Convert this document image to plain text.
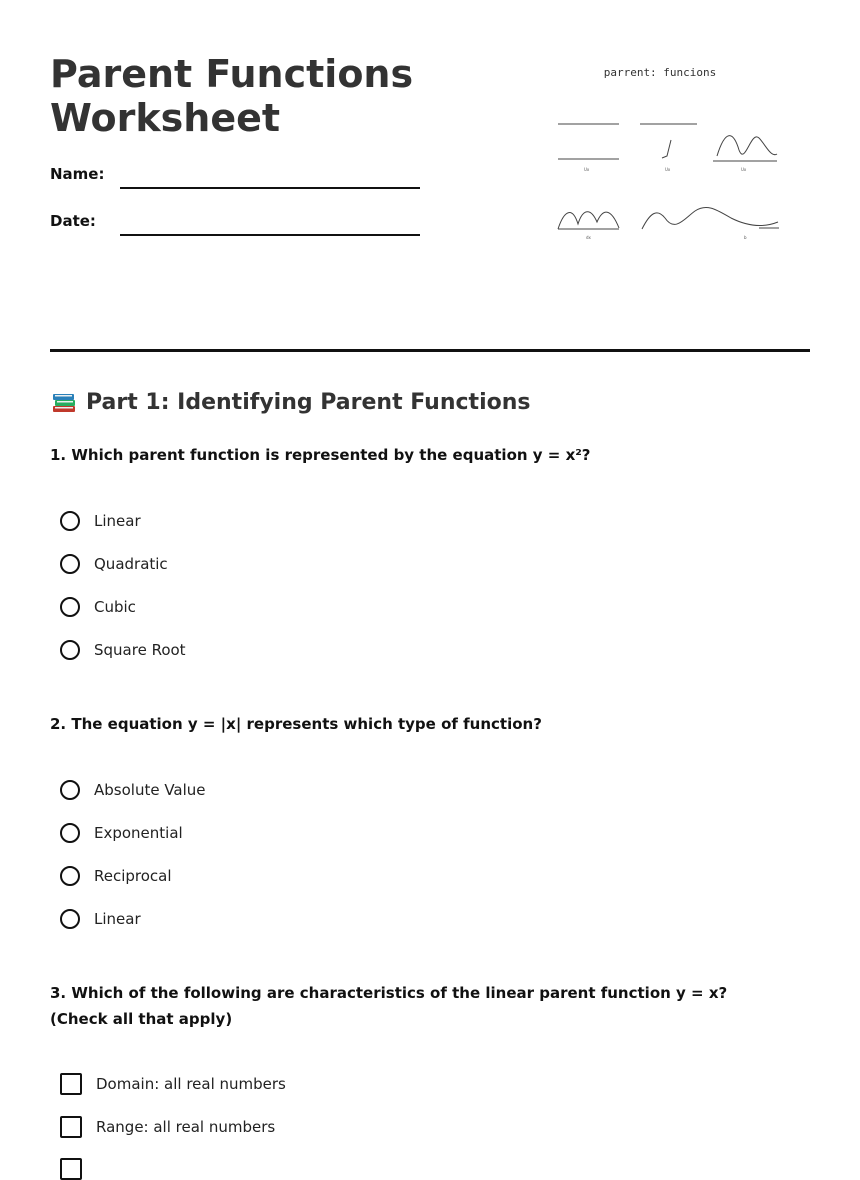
Parent Functions
Worksheet
Name:
Date:
parrent: funcions
Ux	Ux	Ux
dx	b
Part 1: Identifying Parent Functions

1. Which parent function is represented by the equation y = x²?

Linear
Quadratic
Cubic
Square Root

2. The equation y = |x| represents which type of function?

Absolute Value
Exponential
Reciprocal
Linear

3. Which of the following are characteristics of the linear parent function y = x? (Check all that apply)

Domain: all real numbers
Range: all real numbers
